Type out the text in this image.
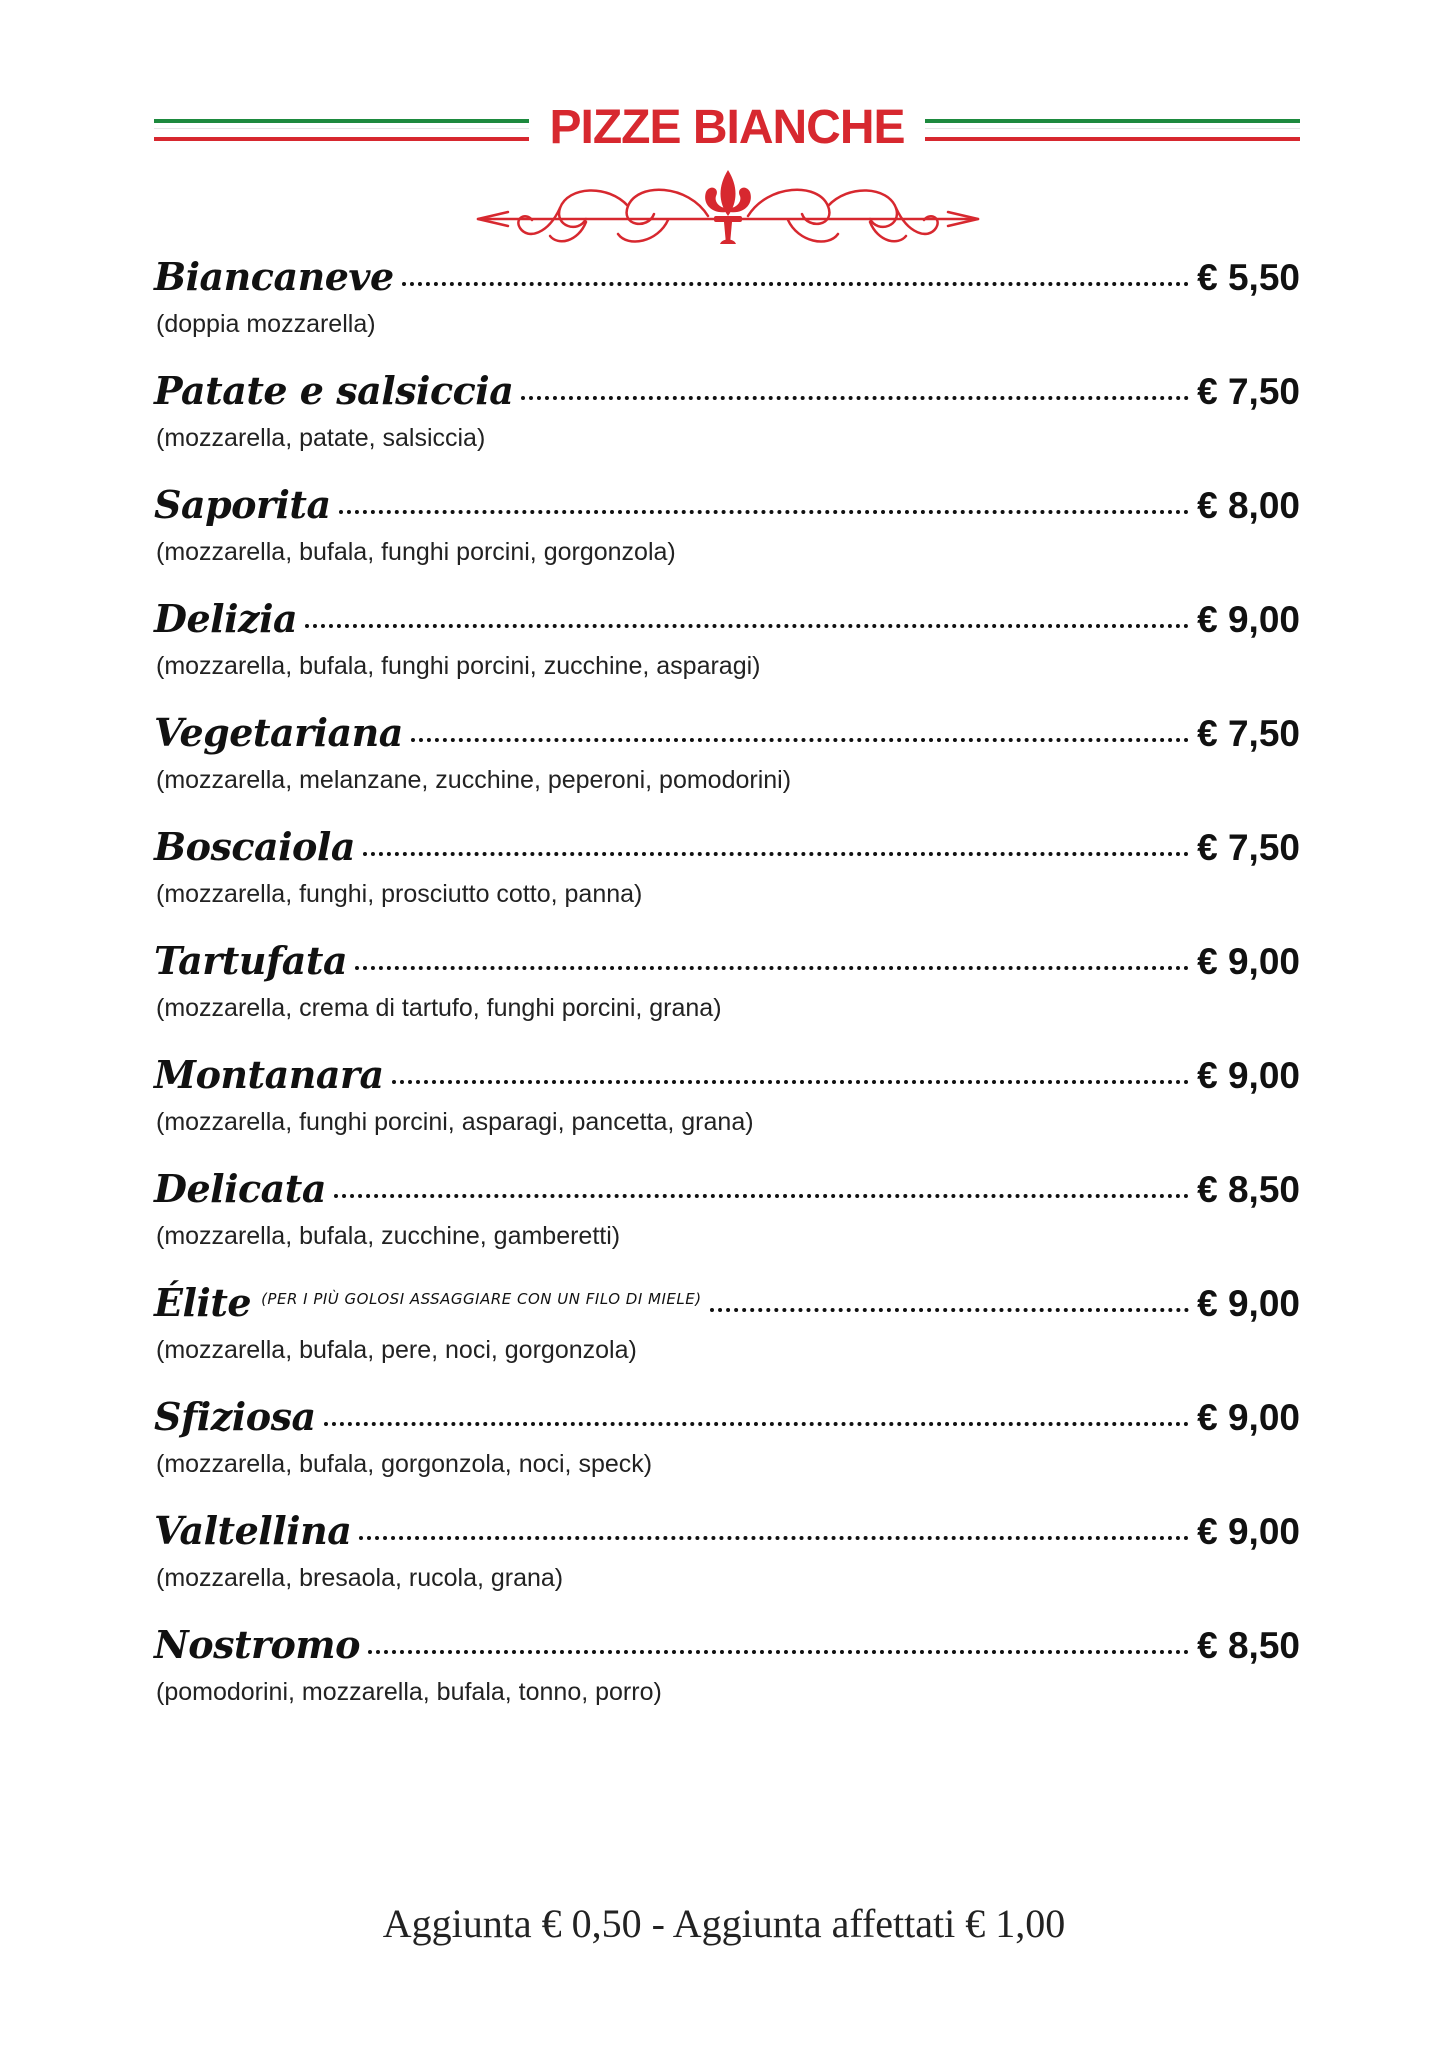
PIZZE BIANCHE
Biancaneve	€ 5,50
(doppia mozzarella)
Patate e salsiccia	€ 7,50
(mozzarella, patate, salsiccia)
Saporita	€ 8,00
(mozzarella, bufala, funghi porcini, gorgonzola)
Delizia	€ 9,00
(mozzarella, bufala, funghi porcini, zucchine, asparagi)
Vegetariana	€ 7,50
(mozzarella, melanzane, zucchine, peperoni, pomodorini)
Boscaiola	€ 7,50
(mozzarella, funghi, prosciutto cotto, panna)
Tartufata	€ 9,00
(mozzarella, crema di tartufo, funghi porcini, grana)
Montanara	€ 9,00
(mozzarella, funghi porcini, asparagi, pancetta, grana)
Delicata	€ 8,50
(mozzarella, bufala, zucchine, gamberetti)
Élite (PER I PIÙ GOLOSI ASSAGGIARE CON UN FILO DI MIELE)	€ 9,00
(mozzarella, bufala, pere, noci, gorgonzola)
Sfiziosa	€ 9,00
(mozzarella, bufala, gorgonzola, noci, speck)
Valtellina	€ 9,00
(mozzarella, bresaola, rucola, grana)
Nostromo	€ 8,50
(pomodorini, mozzarella, bufala, tonno, porro)
Aggiunta € 0,50 - Aggiunta affettati € 1,00
